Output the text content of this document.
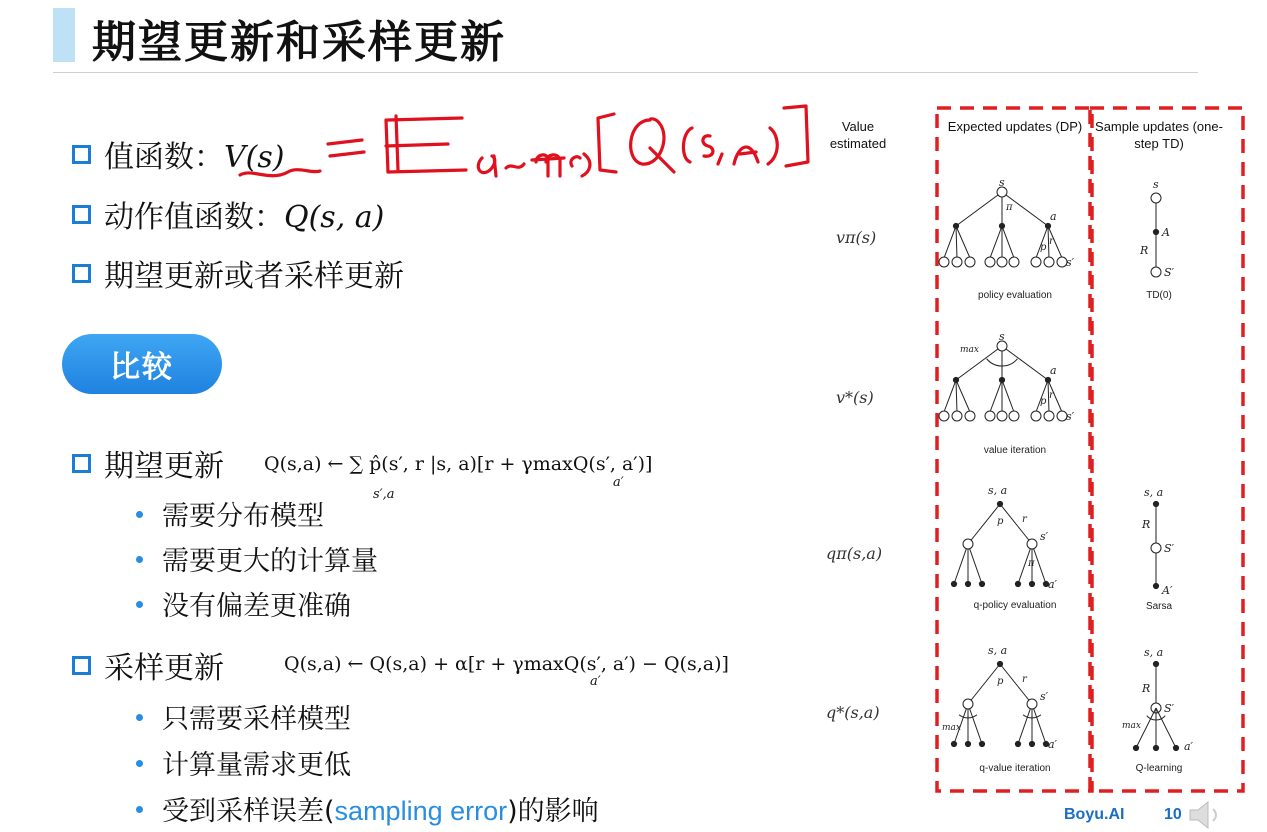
期望更新和采样更新
值函数：V(s)
动作值函数：Q(s, a)
期望更新或者采样更新
比较
期望更新 Q(s,a) ← ∑ p̂(s′, r |s, a)[r + γmaxQ(s′, a′)]
s′,a
a′
需要分布模型
需要更大的计算量
没有偏差更准确
采样更新	Q(s,a) ← Q(s,a) + α[r + γmaxQ(s′, a′) − Q(s,a)]
a′
只需要采样模型
计算量需求更低
受到采样误差(sampling error)的影响
Value estimated
Expected updates (DP) Sample updates (one-step TD)
vπ(s)
v*(s)
qπ(s,a)
q*(s,a)
s
a
r
p
s′
π
s
a
r
p
s′
max
s, a
p r
s′
a′
π
s, a
p r
s′
a′
max
s
A
R
S′
s, a
R
S′
A′
s, a
R
S′
a′
max
policy evaluation	TD(0)
value iteration
q-policy evaluation	Sarsa
q-value iteration	Q-learning
Boyu.AI 10
